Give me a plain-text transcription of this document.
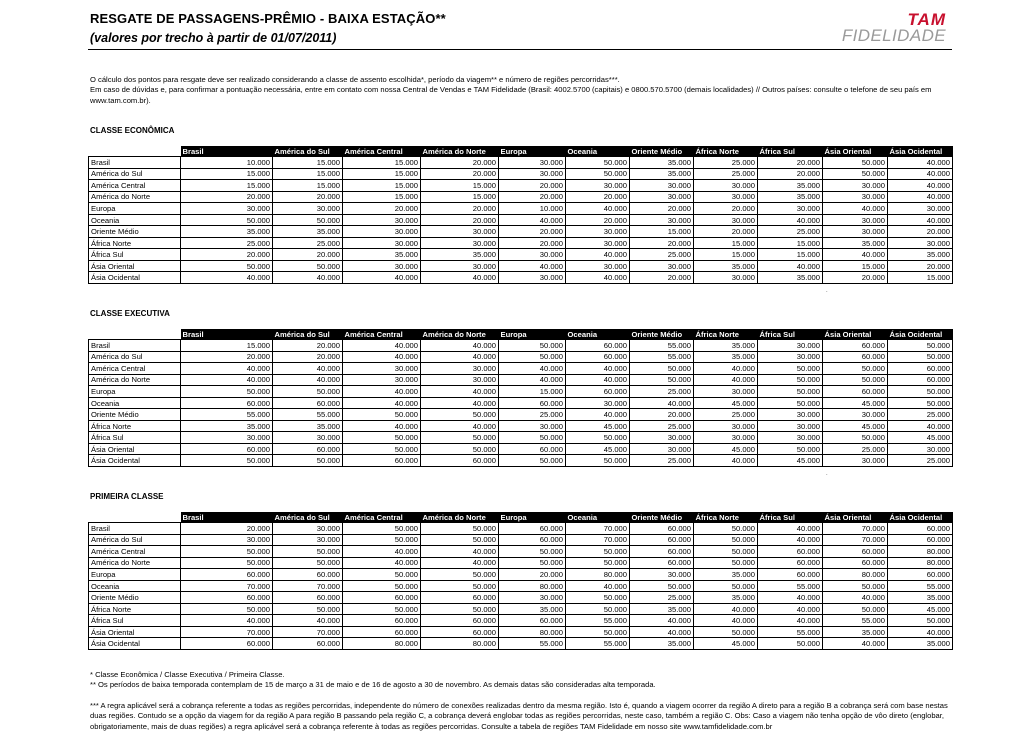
RESGATE DE PASSAGENS-PRÊMIO - BAIXA ESTAÇÃO**
(valores por trecho à partir de 01/07/2011)
TAM
FIDELIDADE
O cálculo dos pontos para resgate deve ser realizado considerando a classe de assento escolhida*, período da viagem** e número de regiões percorridas***.
Em caso de dúvidas e, para confirmar a pontuação necessária, entre em contato com nossa Central de Vendas e TAM Fidelidade (Brasil: 4002.5700 (capitais) e 0800.570.5700 (demais localidades) // Outros países: consulte o telefone de seu país em www.tam.com.br).
CLASSE ECONÔMICA
	Brasil	América do Sul	América Central	América do Norte	Europa	Oceania	Oriente Médio	África Norte	África Sul	Ásia Oriental	Ásia Ocidental
Brasil	10.000	15.000	15.000	20.000	30.000	50.000	35.000	25.000	20.000	50.000	40.000
América do Sul	15.000	15.000	15.000	20.000	30.000	50.000	35.000	25.000	20.000	50.000	40.000
América Central	15.000	15.000	15.000	15.000	20.000	30.000	30.000	30.000	35.000	30.000	40.000
América do Norte	20.000	20.000	15.000	15.000	20.000	20.000	30.000	30.000	35.000	30.000	40.000
Europa	30.000	30.000	20.000	20.000	10.000	40.000	20.000	20.000	30.000	40.000	30.000
Oceania	50.000	50.000	30.000	20.000	40.000	20.000	30.000	30.000	40.000	30.000	40.000
Oriente Médio	35.000	35.000	30.000	30.000	20.000	30.000	15.000	20.000	25.000	30.000	20.000
África Norte	25.000	25.000	30.000	30.000	20.000	30.000	20.000	15.000	15.000	35.000	30.000
África Sul	20.000	20.000	35.000	35.000	30.000	40.000	25.000	15.000	15.000	40.000	35.000
Ásia Oriental	50.000	50.000	30.000	30.000	40.000	30.000	30.000	35.000	40.000	15.000	20.000
Ásia Ocidental	40.000	40.000	40.000	40.000	30.000	40.000	20.000	30.000	35.000	20.000	15.000
.
CLASSE EXECUTIVA
	Brasil	América do Sul	América Central	América do Norte	Europa	Oceania	Oriente Médio	África Norte	África Sul	Ásia Oriental	Ásia Ocidental
Brasil	15.000	20.000	40.000	40.000	50.000	60.000	55.000	35.000	30.000	60.000	50.000
América do Sul	20.000	20.000	40.000	40.000	50.000	60.000	55.000	35.000	30.000	60.000	50.000
América Central	40.000	40.000	30.000	30.000	40.000	40.000	50.000	40.000	50.000	50.000	60.000
América do Norte	40.000	40.000	30.000	30.000	40.000	40.000	50.000	40.000	50.000	50.000	60.000
Europa	50.000	50.000	40.000	40.000	15.000	60.000	25.000	30.000	50.000	60.000	50.000
Oceania	60.000	60.000	40.000	40.000	60.000	30.000	40.000	45.000	50.000	45.000	50.000
Oriente Médio	55.000	55.000	50.000	50.000	25.000	40.000	20.000	25.000	30.000	30.000	25.000
África Norte	35.000	35.000	40.000	40.000	30.000	45.000	25.000	30.000	30.000	45.000	40.000
África Sul	30.000	30.000	50.000	50.000	50.000	50.000	30.000	30.000	30.000	50.000	45.000
Ásia Oriental	60.000	60.000	50.000	50.000	60.000	45.000	30.000	45.000	50.000	25.000	30.000
Ásia Ocidental	50.000	50.000	60.000	60.000	50.000	50.000	25.000	40.000	45.000	30.000	25.000
.
PRIMEIRA CLASSE
	Brasil	América do Sul	América Central	América do Norte	Europa	Oceania	Oriente Médio	África Norte	África Sul	Ásia Oriental	Ásia Ocidental
Brasil	20.000	30.000	50.000	50.000	60.000	70.000	60.000	50.000	40.000	70.000	60.000
América do Sul	30.000	30.000	50.000	50.000	60.000	70.000	60.000	50.000	40.000	70.000	60.000
América Central	50.000	50.000	40.000	40.000	50.000	50.000	60.000	50.000	60.000	60.000	80.000
América do Norte	50.000	50.000	40.000	40.000	50.000	50.000	60.000	50.000	60.000	60.000	80.000
Europa	60.000	60.000	50.000	50.000	20.000	80.000	30.000	35.000	60.000	80.000	60.000
Oceania	70.000	70.000	50.000	50.000	80.000	40.000	50.000	50.000	55.000	50.000	55.000
Oriente Médio	60.000	60.000	60.000	60.000	30.000	50.000	25.000	35.000	40.000	40.000	35.000
África Norte	50.000	50.000	50.000	50.000	35.000	50.000	35.000	40.000	40.000	50.000	45.000
África Sul	40.000	40.000	60.000	60.000	60.000	55.000	40.000	40.000	40.000	55.000	50.000
Ásia Oriental	70.000	70.000	60.000	60.000	80.000	50.000	40.000	50.000	55.000	35.000	40.000
Ásia Ocidental	60.000	60.000	80.000	80.000	55.000	55.000	35.000	45.000	50.000	40.000	35.000
* Classe Econômica / Classe Executiva / Primeira Classe.
** Os períodos de baixa temporada contemplam de 15 de março a 31 de maio e de 16 de agosto a 30 de novembro. As demais datas são consideradas alta temporada.
*** A regra aplicável será a cobrança referente a todas as regiões percorridas, independente do número de conexões realizadas dentro da mesma região. Isto é, quando a viagem ocorrer da região A direto para a região B a cobrança será com base nestas duas regiões. Contudo se a opção da viagem for da região A para região B passando pela região C, a cobrança deverá englobar todas as regiões percorridas, neste caso, também a região C. Obs: Caso a viagem não tenha opção de vôo direto (englobar, obrigatoriamente, mais de duas regiões) a regra aplicável será a cobrança referente à todas as regiões percorridas. Consulte a tabela de regiões TAM Fidelidade em nosso site www.tamfidelidade.com.br
